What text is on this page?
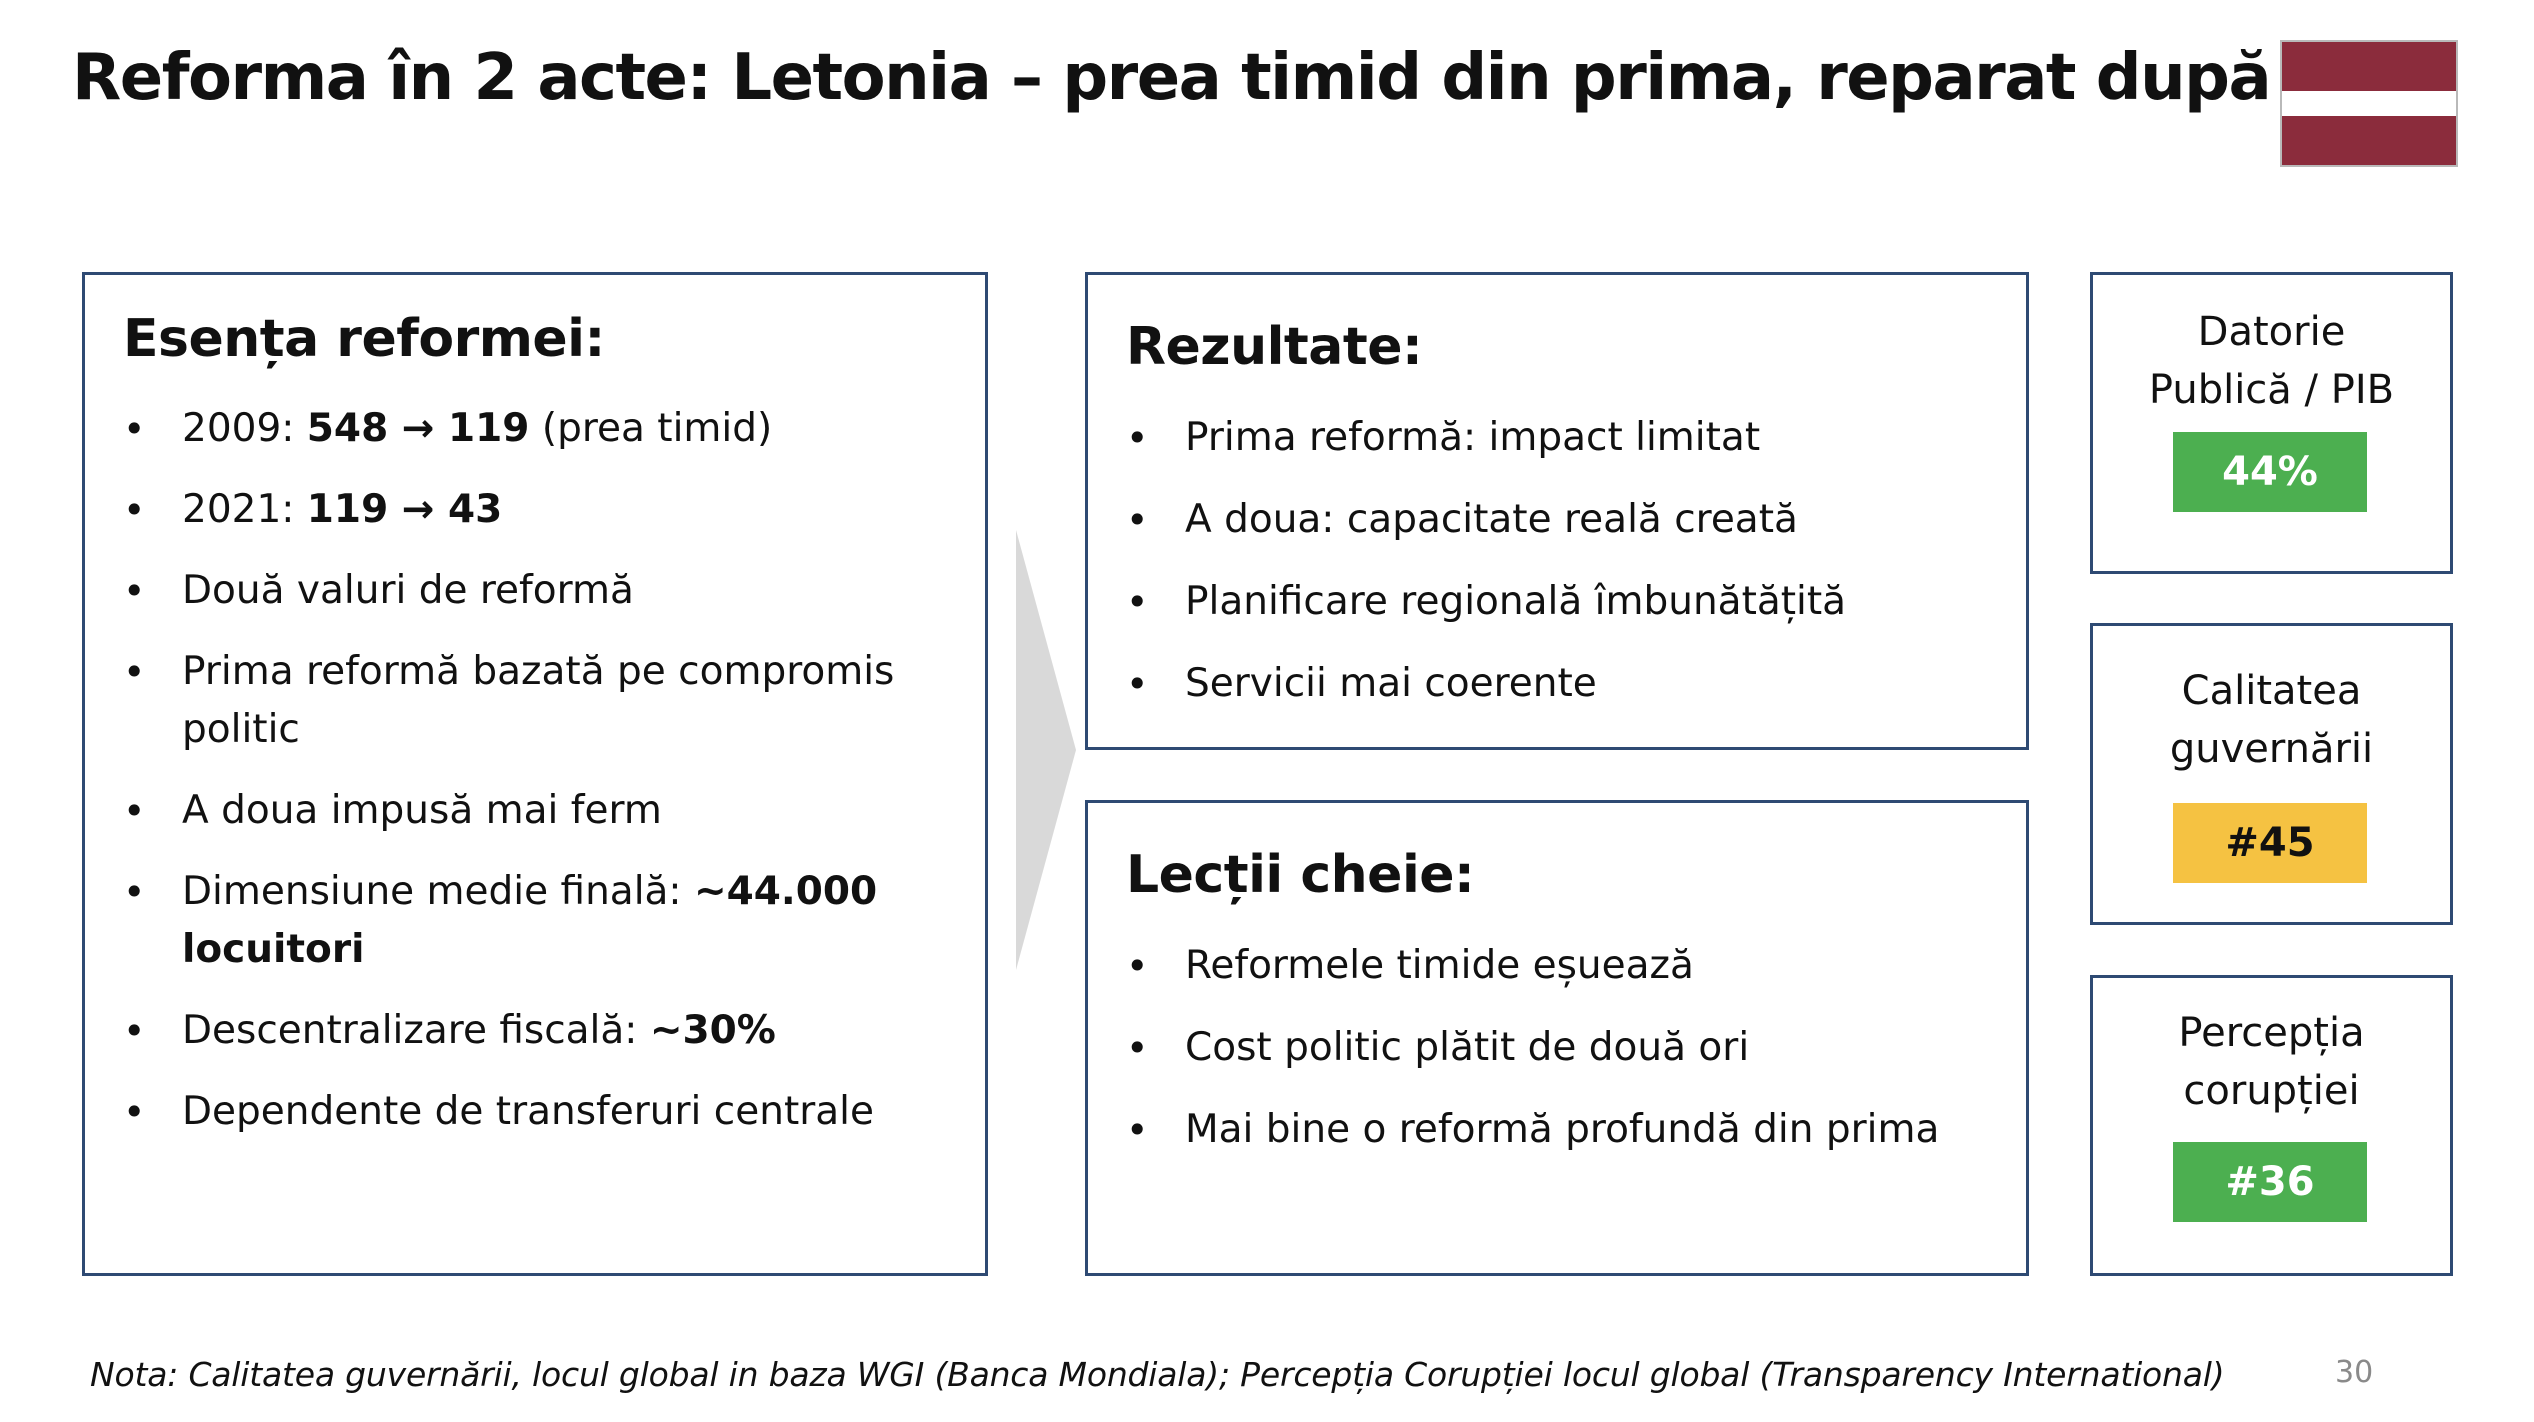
Reforma în 2 acte: Letonia – prea timid din prima, reparat după
Esența reformei:
• 2009: 548 → 119 (prea timid)
• 2021: 119 → 43
• Două valuri de reformă
• Prima reformă bazată pe compromis politic
• A doua impusă mai ferm
• Dimensiune medie finală: ~44.000 locuitori
• Descentralizare fiscală: ~30%
• Dependente de transferuri centrale
Rezultate:
• Prima reformă: impact limitat
• A doua: capacitate reală creată
• Planificare regională îmbunătățită
• Servicii mai coerente
Lecții cheie:
• Reformele timide eșuează
• Cost politic plătit de două ori
• Mai bine o reformă profundă din prima
Datorie
Publică / PIB
44%
Calitatea
guvernării
#45
Percepția
corupției
#36
Nota: Calitatea guvernării, locul global in baza WGI (Banca Mondiala); Percepția Corupției locul global (Transparency International)	30
